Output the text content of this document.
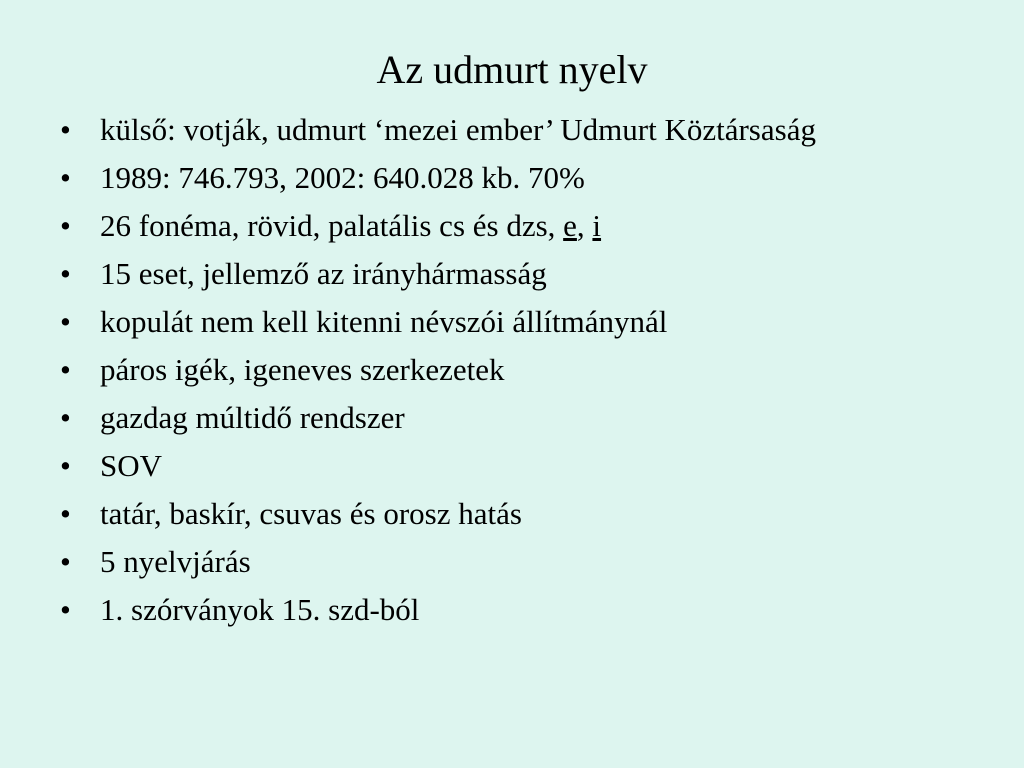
Az udmurt nyelv
• külső: votják, udmurt ‘mezei ember’ Udmurt Köztársaság
• 1989: 746.793, 2002: 640.028 kb. 70%
• 26 fonéma, rövid, palatális cs és dzs, e, i
• 15 eset, jellemző az irányhármasság
• kopulát nem kell kitenni névszói állítmánynál
• páros igék, igeneves szerkezetek
• gazdag múltidő rendszer
• SOV
• tatár, baskír, csuvas és orosz hatás
• 5 nyelvjárás
• 1. szórványok 15. szd-ból
